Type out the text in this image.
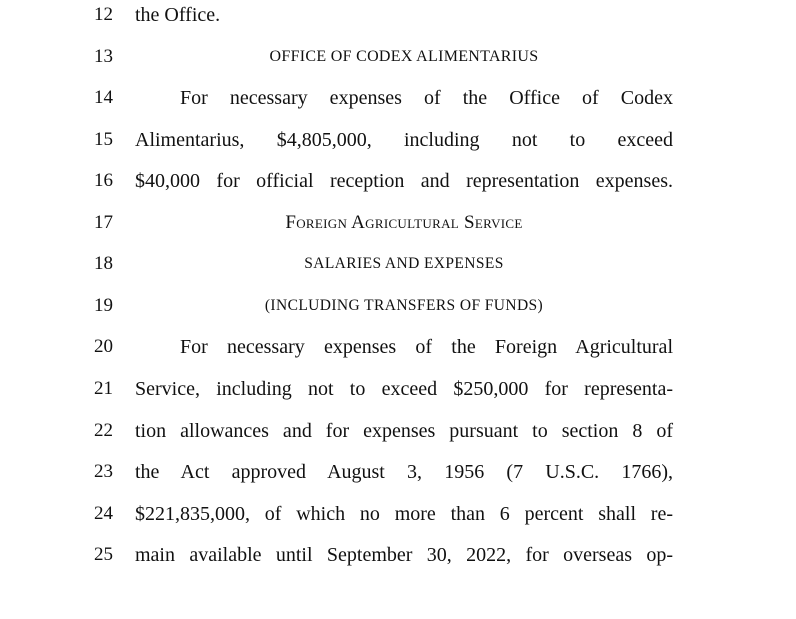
12	the Office.
13	OFFICE OF CODEX ALIMENTARIUS
14	For necessary expenses of the Office of Codex
15	Alimentarius, $4,805,000, including not to exceed
16	$40,000 for official reception and representation expenses.
17	Foreign Agricultural Service
18	SALARIES AND EXPENSES
19	(INCLUDING TRANSFERS OF FUNDS)
20	For necessary expenses of the Foreign Agricultural
21	Service, including not to exceed $250,000 for representa-
22	tion allowances and for expenses pursuant to section 8 of
23	the Act approved August 3, 1956 (7 U.S.C. 1766),
24	$221,835,000, of which no more than 6 percent shall re-
25	main available until September 30, 2022, for overseas op-
